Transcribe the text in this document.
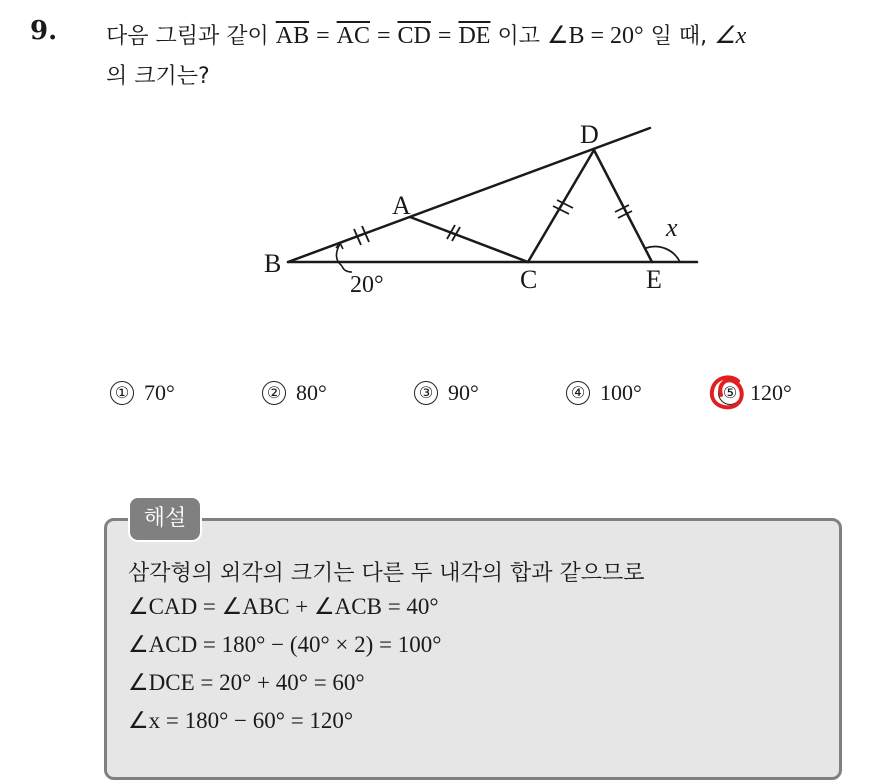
9. 다음 그림과 같이 $\overline{AB} = \overline{AC} = \overline{CD} = \overline{DE}$ 이고 ∠B = 20° 일 때, ∠x
의 크기는?
A
B
C
D
E
x
20°
① 70°	② 80°	③ 90°	④ 100°	⑤ 120°
해설
삼각형의 외각의 크기는 다른 두 내각의 합과 같으므로
∠CAD = ∠ABC + ∠ACB = 40°
∠ACD = 180° − (40° × 2) = 100°
∠DCE = 20° + 40° = 60°
∠x = 180° − 60° = 120°
